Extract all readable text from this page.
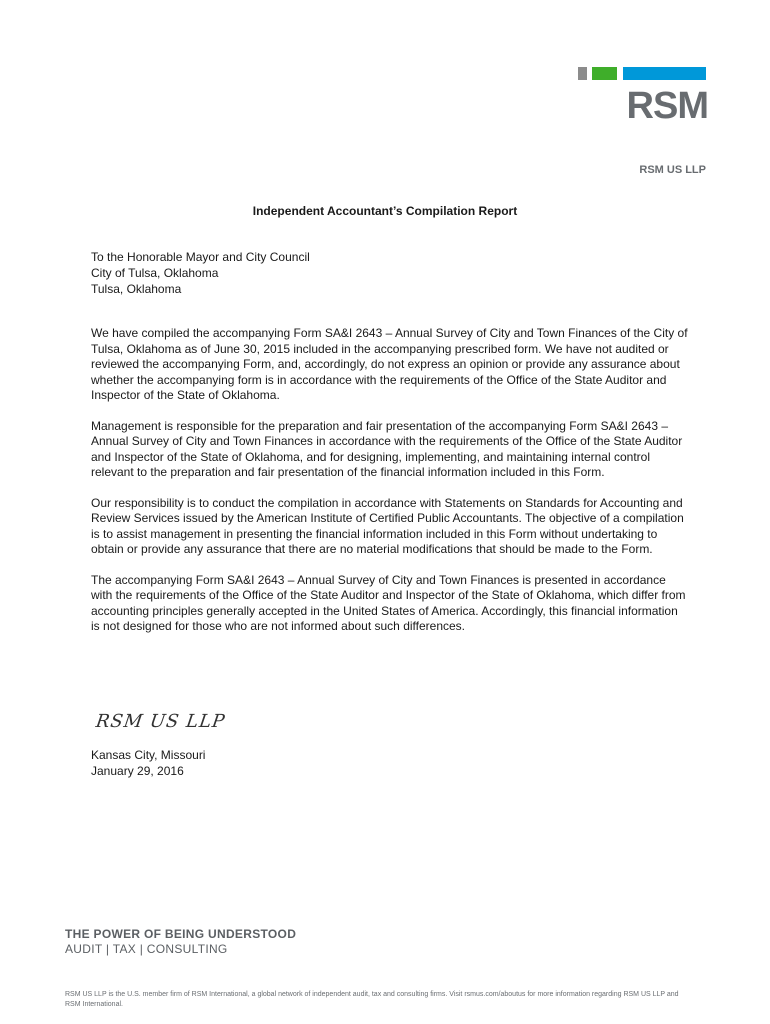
RSM
RSM US LLP
Independent Accountant’s Compilation Report
To the Honorable Mayor and City Council
City of Tulsa, Oklahoma
Tulsa, Oklahoma

We have compiled the accompanying Form SA&I 2643 – Annual Survey of City and Town Finances of the City of Tulsa, Oklahoma as of June 30, 2015 included in the accompanying prescribed form. We have not audited or reviewed the accompanying Form, and, accordingly, do not express an opinion or provide any assurance about whether the accompanying form is in accordance with the requirements of the Office of the State Auditor and Inspector of the State of Oklahoma.

Management is responsible for the preparation and fair presentation of the accompanying Form SA&I 2643 – Annual Survey of City and Town Finances in accordance with the requirements of the Office of the State Auditor and Inspector of the State of Oklahoma, and for designing, implementing, and maintaining internal control relevant to the preparation and fair presentation of the financial information included in this Form.

Our responsibility is to conduct the compilation in accordance with Statements on Standards for Accounting and Review Services issued by the American Institute of Certified Public Accountants. The objective of a compilation is to assist management in presenting the financial information included in this Form without undertaking to obtain or provide any assurance that there are no material modifications that should be made to the Form.

The accompanying Form SA&I 2643 – Annual Survey of City and Town Finances is presented in accordance with the requirements of the Office of the State Auditor and Inspector of the State of Oklahoma, which differ from accounting principles generally accepted in the United States of America. Accordingly, this financial information is not designed for those who are not informed about such differences.

RSM US LLP
Kansas City, Missouri
January 29, 2016
THE POWER OF BEING UNDERSTOOD
AUDIT | TAX | CONSULTING
RSM US LLP is the U.S. member firm of RSM International, a global network of independent audit, tax and consulting firms. Visit rsmus.com/aboutus for more information regarding RSM US LLP and RSM International.
